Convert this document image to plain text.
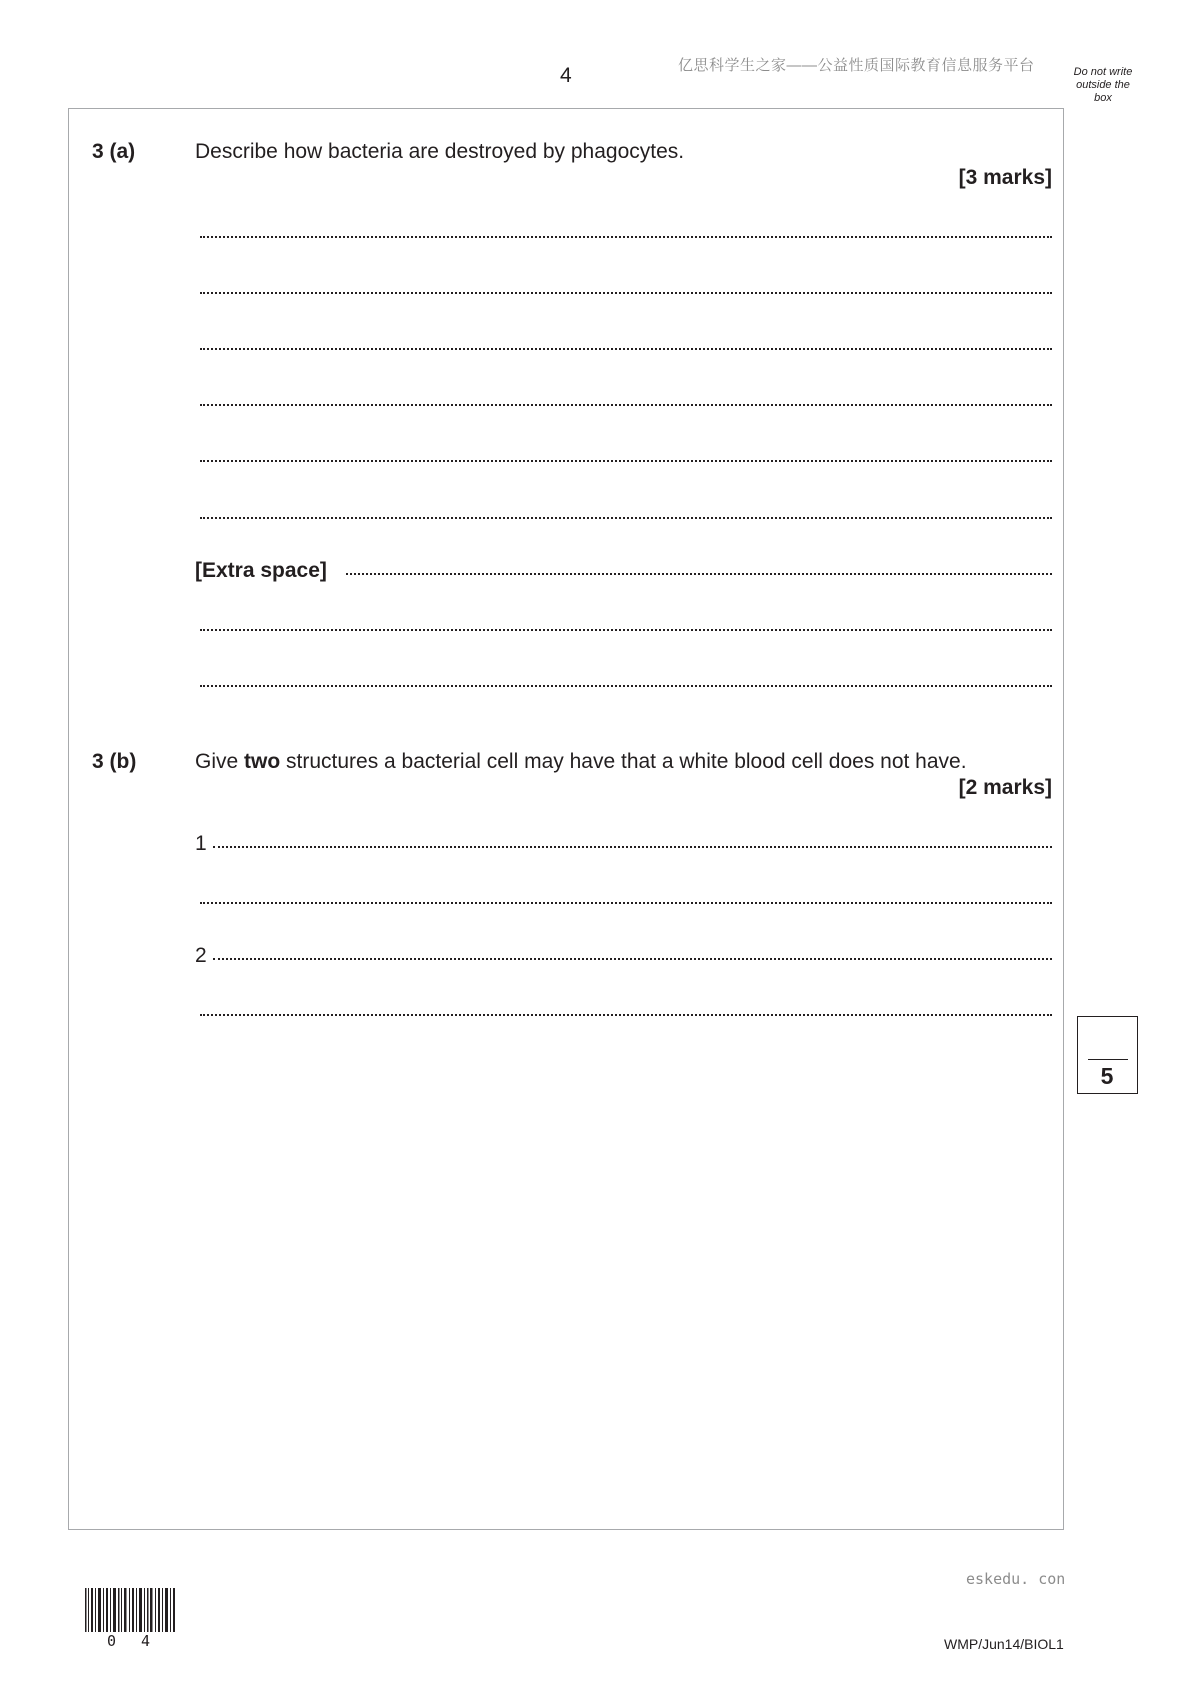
4	亿思科学生之家——公益性质国际教育信息服务平台	Do not write
outside the
box
3 (a)	Describe how bacteria are destroyed by phagocytes.
[3 marks]
[Extra space]
3 (b)	Give two structures a bacterial cell may have that a white blood cell does not have.
[2 marks]
1
2
5
eskedu. con
WMP/Jun14/BIOL1
0 4
